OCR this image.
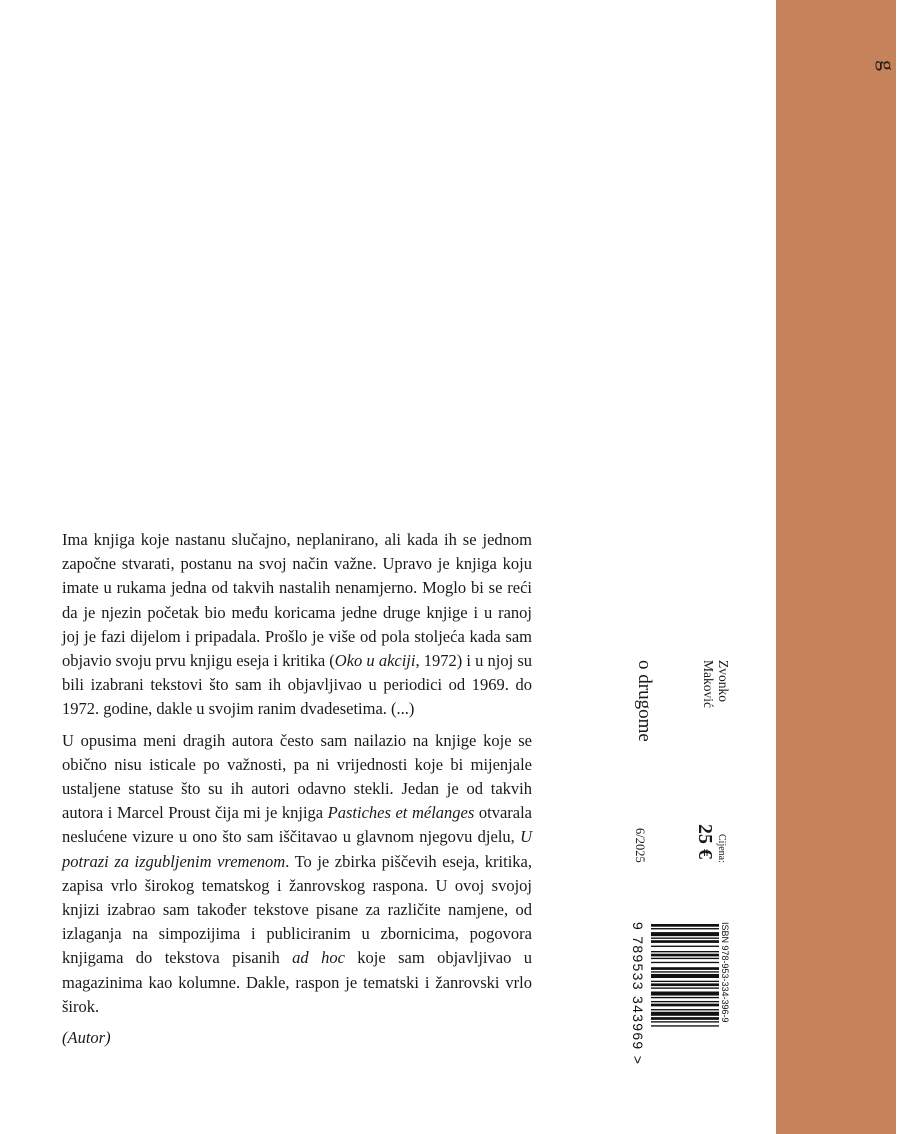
g

Ima knjiga koje nastanu slučajno, neplanirano, ali kada ih se jednom započne stvarati, postanu na svoj način važne. Upravo je knjiga koju imate u rukama jedna od takvih nastalih nenamjerno. Moglo bi se reći da je njezin početak bio među koricama jedne druge knjige i u ranoj joj je fazi dijelom i pripadala. Prošlo je više od pola stoljeća kada sam objavio svoju prvu knjigu eseja i kritika (Oko u akciji, 1972) i u njoj su bili izabrani tekstovi što sam ih objavljivao u periodici od 1969. do 1972. godine, dakle u svojim ranim dvadesetima. (...)

U opusima meni dragih autora često sam nailazio na knjige koje se obično nisu isticale po važnosti, pa ni vrijednosti koje bi mijenjale ustaljene statuse što su ih autori odavno stekli. Jedan je od takvih autora i Marcel Proust čija mi je knjiga Pastiches et mélanges otvarala neslućene vizure u ono što sam iščitavao u glavnom njegovu djelu, U potrazi za izgubljenim vremenom. To je zbirka piščevih eseja, kritika, zapisa vrlo širokog tematskog i žanrovskog raspona. U ovoj svojoj knjizi izabrao sam također tekstove pisane za različite namjene, od izlaganja na simpozijima i publiciranim u zbornicima, pogovora knjigama do tekstova pisanih ad hoc koje sam objavljivao u magazinima kao kolumne. Dakle, raspon je tematski i žanrovski vrlo širok.

(Autor)

o drugome	Zvonko
Maković
Cijena:
25 €
6/2025
ISBN 978-953-334-396-9
9 789533 343969 >
